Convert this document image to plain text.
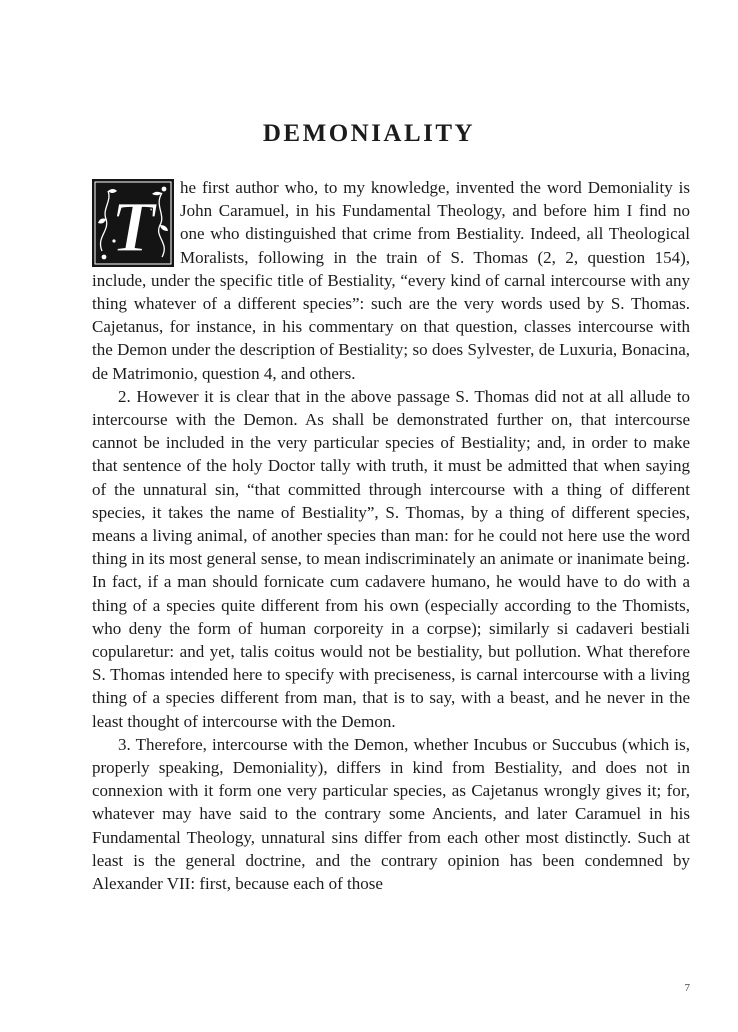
DEMONIALITY

T he first author who, to my knowledge, invented the word Demoniality is John Caramuel, in his Fundamental Theology, and before him I find no one who distinguished that crime from Bestiality. Indeed, all Theological Moralists, following in the train of S. Thomas (2, 2, question 154), include, under the specific title of Bestiality, “every kind of carnal intercourse with any thing whatever of a different species”: such are the very words used by S. Thomas. Cajetanus, for instance, in his commentary on that question, classes intercourse with the Demon under the description of Bestiality; so does Sylvester, de Luxuria, Bonacina, de Matrimonio, question 4, and others.

2. However it is clear that in the above passage S. Thomas did not at all allude to intercourse with the Demon. As shall be demonstrated further on, that intercourse cannot be included in the very particular species of Bestiality; and, in order to make that sentence of the holy Doctor tally with truth, it must be admitted that when saying of the unnatural sin, “that committed through intercourse with a thing of different species, it takes the name of Bestiality”, S. Thomas, by a thing of different species, means a living animal, of another species than man: for he could not here use the word thing in its most general sense, to mean indiscriminately an animate or inanimate being. In fact, if a man should fornicate cum cadavere humano, he would have to do with a thing of a species quite different from his own (especially according to the Thomists, who deny the form of human corporeity in a corpse); similarly si cadaveri bestiali copularetur: and yet, talis coitus would not be bestiality, but pollution. What therefore S. Thomas intended here to specify with preciseness, is carnal intercourse with a living thing of a species different from man, that is to say, with a beast, and he never in the least thought of intercourse with the Demon.

3. Therefore, intercourse with the Demon, whether Incubus or Succubus (which is, properly speaking, Demoniality), differs in kind from Bestiality, and does not in connexion with it form one very particular species, as Cajetanus wrongly gives it; for, whatever may have said to the contrary some Ancients, and later Caramuel in his Fundamental Theology, unnatural sins differ from each other most distinctly. Such at least is the general doctrine, and the contrary opinion has been condemned by Alexander VII: first, because each of those

7
